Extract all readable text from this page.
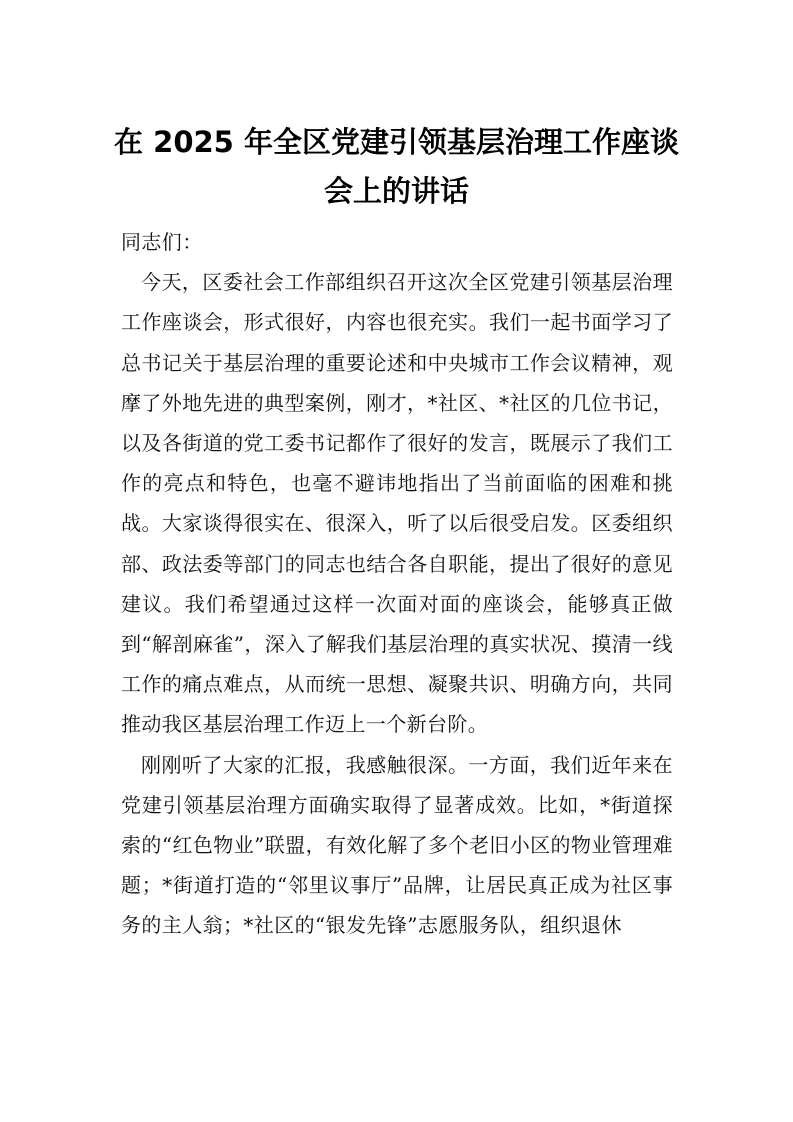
在 2025 年全区党建引领基层治理工作座谈会上的讲话

同志们：

今天，区委社会工作部组织召开这次全区党建引领基层治理工作座谈会，形式很好，内容也很充实。我们一起书面学习了总书记关于基层治理的重要论述和中央城市工作会议精神，观摩了外地先进的典型案例，刚才，*社区、*社区的几位书记，以及各街道的党工委书记都作了很好的发言，既展示了我们工作的亮点和特色，也毫不避讳地指出了当前面临的困难和挑战。大家谈得很实在、很深入，听了以后很受启发。区委组织部、政法委等部门的同志也结合各自职能，提出了很好的意见建议。我们希望通过这样一次面对面的座谈会，能够真正做到“解剖麻雀”，深入了解我们基层治理的真实状况、摸清一线工作的痛点难点，从而统一思想、凝聚共识、明确方向，共同推动我区基层治理工作迈上一个新台阶。

刚刚听了大家的汇报，我感触很深。一方面，我们近年来在党建引领基层治理方面确实取得了显著成效。比如，*街道探索的“红色物业”联盟，有效化解了多个老旧小区的物业管理难题；*街道打造的“邻里议事厅”品牌，让居民真正成为社区事务的主人翁；*社区的“银发先锋”志愿服务队，组织退休
